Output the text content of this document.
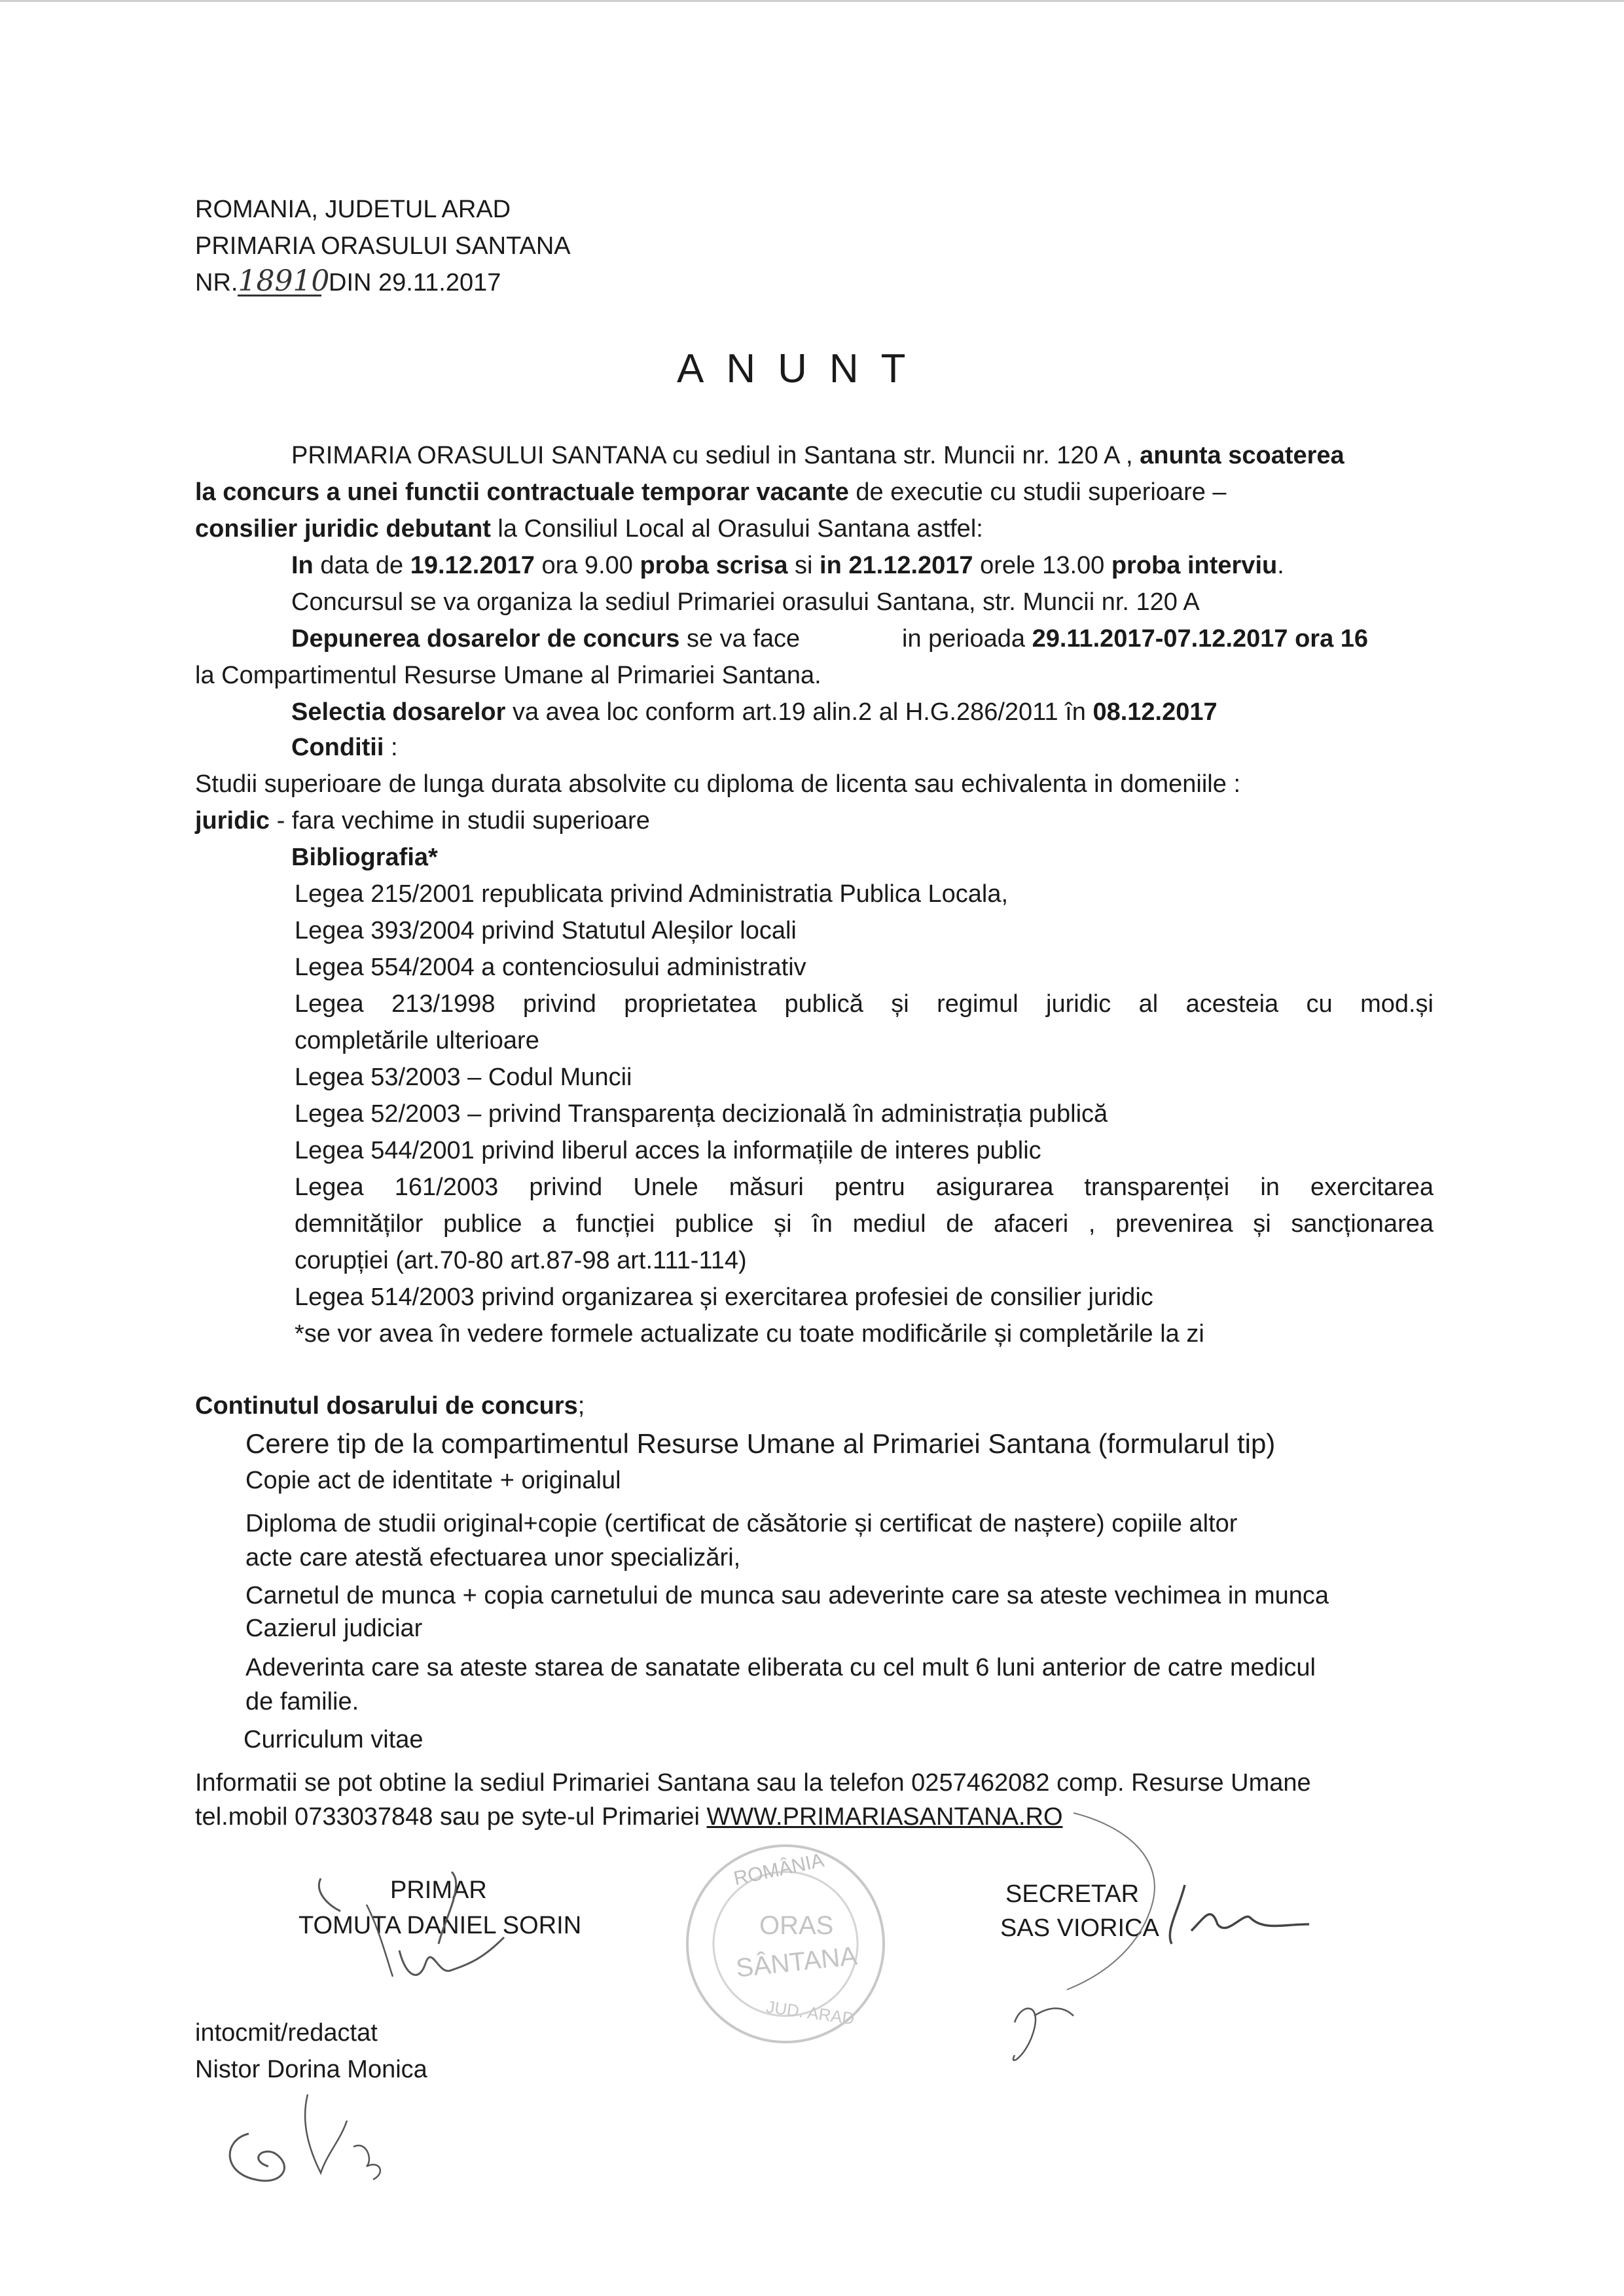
ROMANIA, JUDETUL ARAD
PRIMARIA ORASULUI SANTANA
NR.18910 DIN 29.11.2017
ANUNT
PRIMARIA ORASULUI SANTANA cu sediul in Santana str. Muncii nr. 120 A , anunta scoaterea
la concurs a unei functii contractuale temporar vacante de executie cu studii superioare –
consilier juridic debutant la Consiliul Local al Orasului Santana astfel:
In data de 19.12.2017 ora 9.00 proba scrisa si in 21.12.2017 orele 13.00 proba interviu.
Concursul se va organiza la sediul Primariei orasului Santana, str. Muncii nr. 120 A
Depunerea dosarelor de concurs se va face	in perioada 29.11.2017-07.12.2017 ora 16
la Compartimentul Resurse Umane al Primariei Santana.
Selectia dosarelor va avea loc conform art.19 alin.2 al H.G.286/2011 în 08.12.2017
Conditii :
Studii superioare de lunga durata absolvite cu diploma de licenta sau echivalenta in domeniile :
juridic - fara vechime in studii superioare
Bibliografia*
Legea 215/2001 republicata privind Administratia Publica Locala,
Legea 393/2004 privind Statutul Aleșilor locali
Legea 554/2004 a contenciosului administrativ
Legea 213/1998 privind proprietatea publică și regimul juridic al acesteia cu mod.și
completările ulterioare
Legea 53/2003 – Codul Muncii
Legea 52/2003 – privind Transparența decizională în administrația publică
Legea 544/2001 privind liberul acces la informațiile de interes public
Legea 161/2003 privind Unele măsuri pentru asigurarea transparenței in exercitarea
demnităților publice a funcției publice și în mediul de afaceri , prevenirea și sancționarea
corupției (art.70-80 art.87-98 art.111-114)
Legea 514/2003 privind organizarea și exercitarea profesiei de consilier juridic
*se vor avea în vedere formele actualizate cu toate modificările și completările la zi
Continutul dosarului de concurs;
Cerere tip de la compartimentul Resurse Umane al Primariei Santana (formularul tip)
Copie act de identitate + originalul
Diploma de studii original+copie (certificat de căsătorie și certificat de naștere) copiile altor
acte care atestă efectuarea unor specializări,
Carnetul de munca + copia carnetului de munca sau adeverinte care sa ateste vechimea in munca
Cazierul judiciar
Adeverinta care sa ateste starea de sanatate eliberata cu cel mult 6 luni anterior de catre medicul
de familie.
Curriculum vitae
Informatii se pot obtine la sediul Primariei Santana sau la telefon 0257462082 comp. Resurse Umane
tel.mobil 0733037848 sau pe syte-ul Primariei WWW.PRIMARIASANTANA.RO
PRIMAR
TOMUTA DANIEL SORIN
SECRETAR
SAS VIORICA
ROMÂNIA
ORAS
SÂNTANA
JUD. ARAD
intocmit/redactat
Nistor Dorina Monica
